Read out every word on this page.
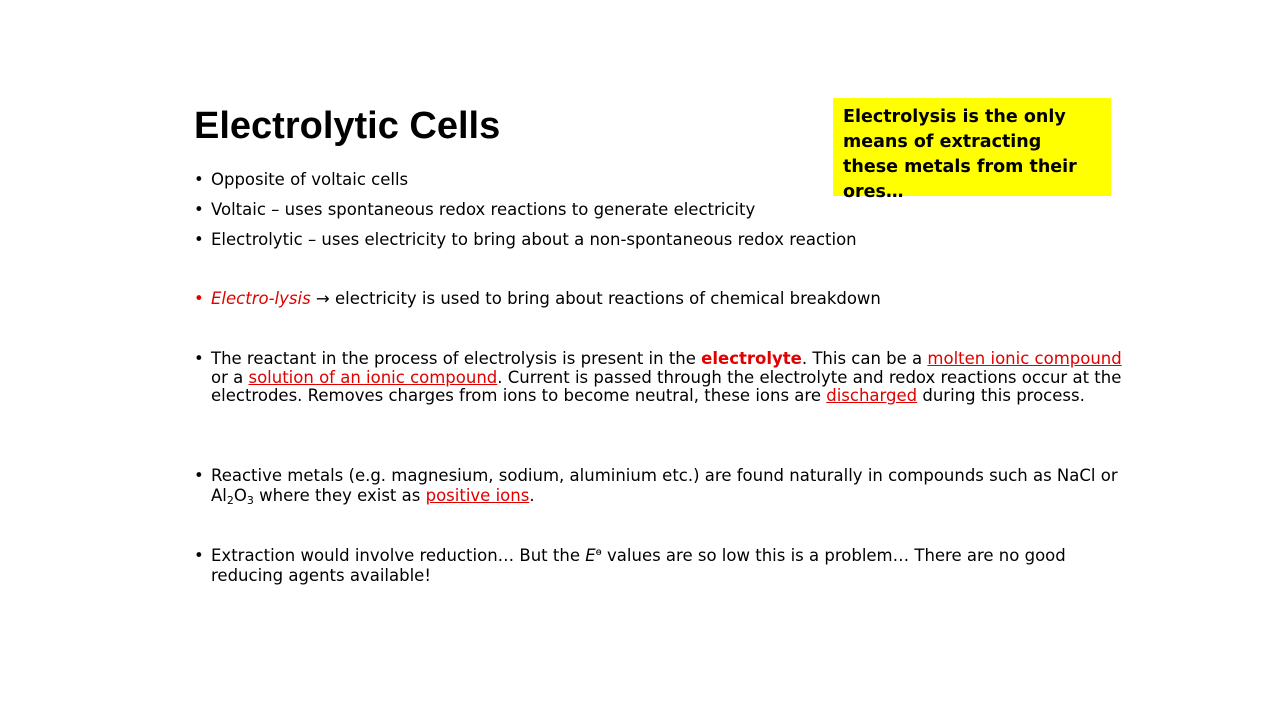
Electrolytic Cells	Electrolysis is the only means of extracting these metals from their ores…
• Opposite of voltaic cells
• Voltaic – uses spontaneous redox reactions to generate electricity
• Electrolytic – uses electricity to bring about a non-spontaneous redox reaction
• Electro-lysis → electricity is used to bring about reactions of chemical breakdown
• The reactant in the process of electrolysis is present in the electrolyte. This can be a molten ionic compound or a solution of an ionic compound. Current is passed through the electrolyte and redox reactions occur at the electrodes. Removes charges from ions to become neutral, these ions are discharged during this process.
• Reactive metals (e.g. magnesium, sodium, aluminium etc.) are found naturally in compounds such as NaCl or $Al_2O_3$ where they exist as positive ions.
• Extraction would involve reduction… But the $E^ɵ$ values are so low this is a problem… There are no good reducing agents available!
